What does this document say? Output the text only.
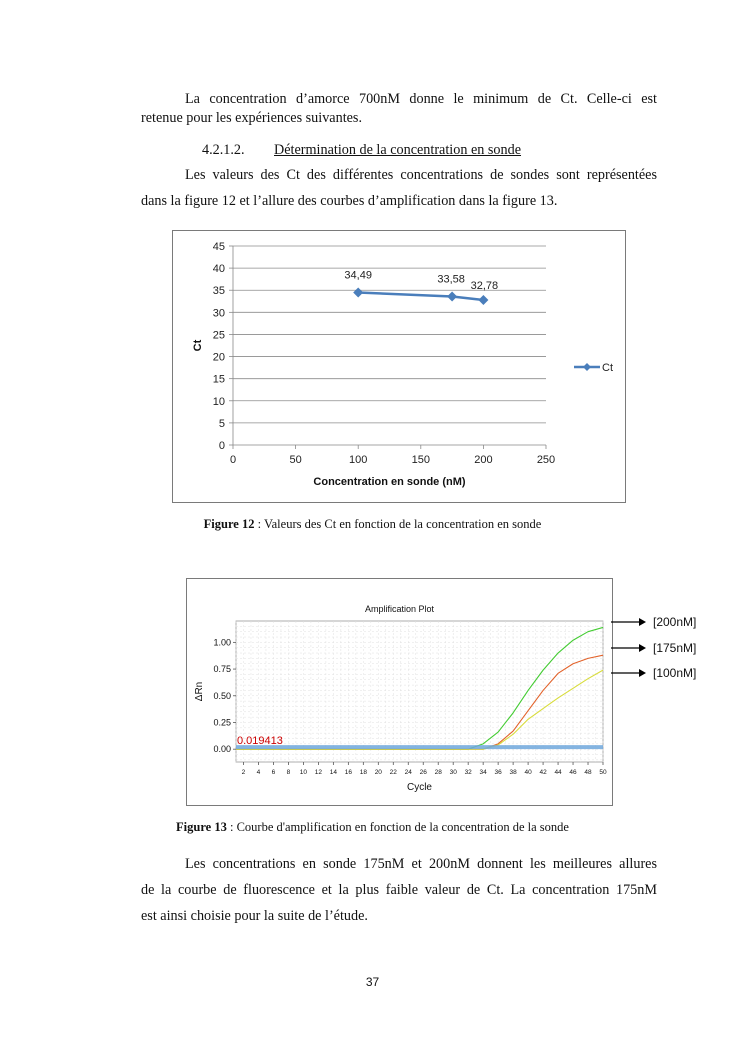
La concentration d’amorce 700nM donne le minimum de Ct. Celle-ci est

retenue pour les expériences suivantes.

4.2.1.2. Détermination de la concentration en sonde

Les valeurs des Ct des différentes concentrations de sondes sont représentées

dans la figure 12 et l’allure des courbes d’amplification dans la figure 13.

0
5
10
15
20
25
30
35
40
45
0	50	100	150	200	250
Concentration en sonde (nM)
Ct
34,49	33,58
32,78
Ct
Figure 12 : Valeurs des Ct en fonction de la concentration en sonde
Amplification Plot
0.00
0.25
0.50
0.75
1.00
2 4 6 8 10 12 14 16 18 20 22 24 26 28 30 32 34 36 38 40 42 44 46 48 50
Cycle
ΔRn
0.019413
[200nM]
[175nM]
[100nM]
Figure 13 : Courbe d'amplification en fonction de la concentration de la sonde

Les concentrations en sonde 175nM et 200nM donnent les meilleures allures

de la courbe de fluorescence et la plus faible valeur de Ct. La concentration 175nM

est ainsi choisie pour la suite de l’étude.

37
